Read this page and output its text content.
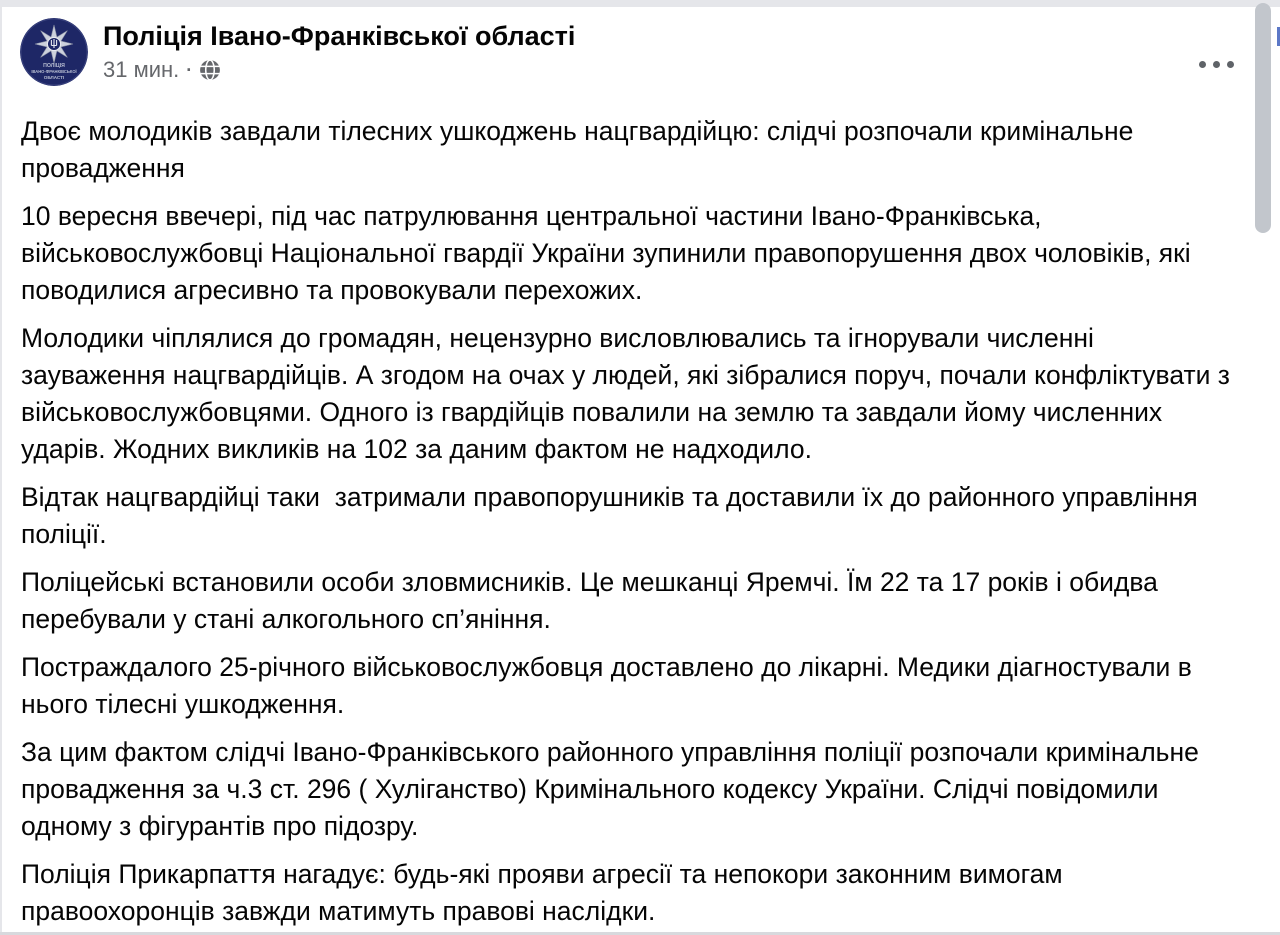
ПОЛІЦІЯ
ІВАНО-ФРАНКІВСЬКОЇ
ОБЛАСТІ
Поліція Івано-Франківської області
31 мин. ·

Двоє молодиків завдали тілесних ушкоджень нацгвардійцю: слідчі розпочали кримінальне провадження

10 вересня ввечері, під час патрулювання центральної частини Івано-Франківська, військовослужбовці Національної гвардії України зупинили правопорушення двох чоловіків, які поводилися агресивно та провокували перехожих.

Молодики чіплялися до громадян, нецензурно висловлювались та ігнорували численні зауваження нацгвардійців. А згодом на очах у людей, які зібралися поруч, почали конфліктувати з військовослужбовцями. Одного із гвардійців повалили на землю та завдали йому численних ударів. Жодних викликів на 102 за даним фактом не надходило.

Відтак нацгвардійці таки  затримали правопорушників та доставили їх до районного управління поліції.

Поліцейські встановили особи зловмисників. Це мешканці Яремчі. Їм 22 та 17 років і обидва перебували у стані алкогольного сп’яніння.

Постраждалого 25-річного військовослужбовця доставлено до лікарні. Медики діагностували в нього тілесні ушкодження.

За цим фактом слідчі Івано-Франківського районного управління поліції розпочали кримінальне провадження за ч.3 ст. 296 ( Хуліганство) Кримінального кодексу України. Слідчі повідомили одному з фігурантів про підозру.

Поліція Прикарпаття нагадує: будь-які прояви агресії та непокори законним вимогам правоохоронців завжди матимуть правові наслідки.
